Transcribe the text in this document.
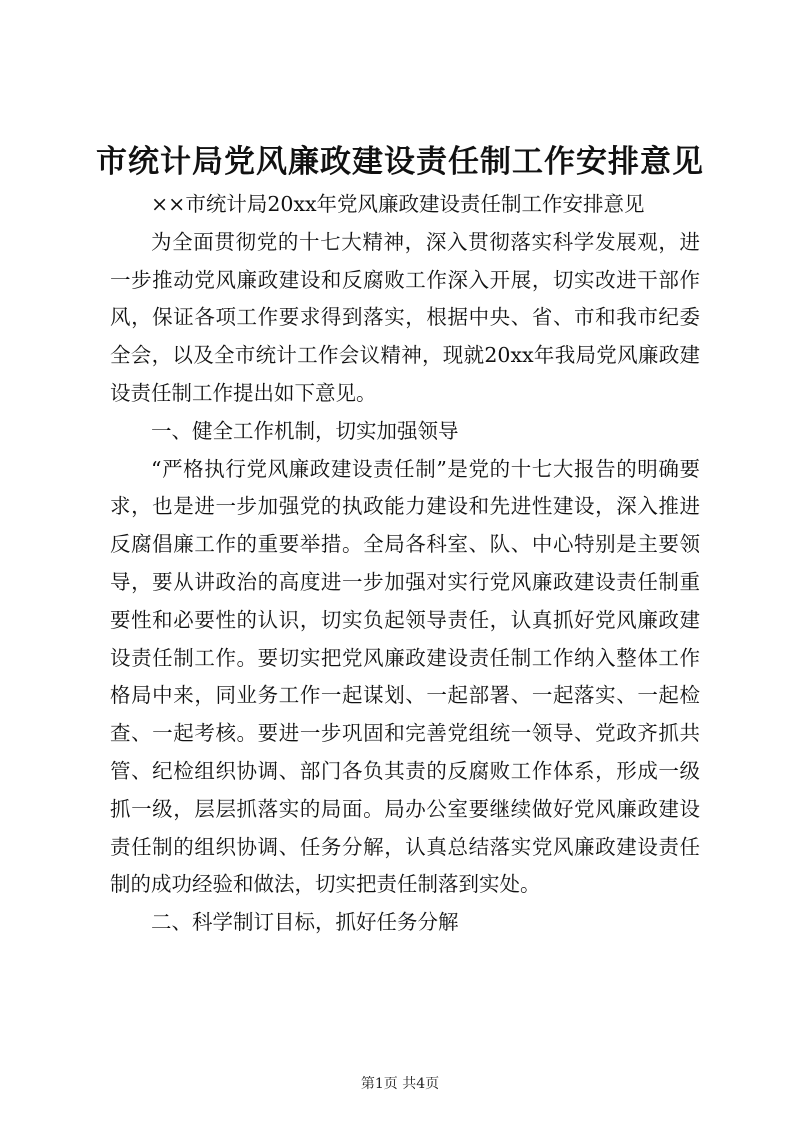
市统计局党风廉政建设责任制工作安排意见

××市统计局20xx年党风廉政建设责任制工作安排意见

为全面贯彻党的十七大精神，深入贯彻落实科学发展观，进一步推动党风廉政建设和反腐败工作深入开展，切实改进干部作风，保证各项工作要求得到落实，根据中央、省、市和我市纪委全会，以及全市统计工作会议精神，现就20xx年我局党风廉政建设责任制工作提出如下意见。

一、健全工作机制，切实加强领导

“严格执行党风廉政建设责任制”是党的十七大报告的明确要求，也是进一步加强党的执政能力建设和先进性建设，深入推进反腐倡廉工作的重要举措。全局各科室、队、中心特别是主要领导，要从讲政治的高度进一步加强对实行党风廉政建设责任制重要性和必要性的认识，切实负起领导责任，认真抓好党风廉政建设责任制工作。要切实把党风廉政建设责任制工作纳入整体工作格局中来，同业务工作一起谋划、一起部署、一起落实、一起检查、一起考核。要进一步巩固和完善党组统一领导、党政齐抓共管、纪检组织协调、部门各负其责的反腐败工作体系，形成一级抓一级，层层抓落实的局面。局办公室要继续做好党风廉政建设责任制的组织协调、任务分解，认真总结落实党风廉政建设责任制的成功经验和做法，切实把责任制落到实处。

二、科学制订目标，抓好任务分解

第1页 共4页
